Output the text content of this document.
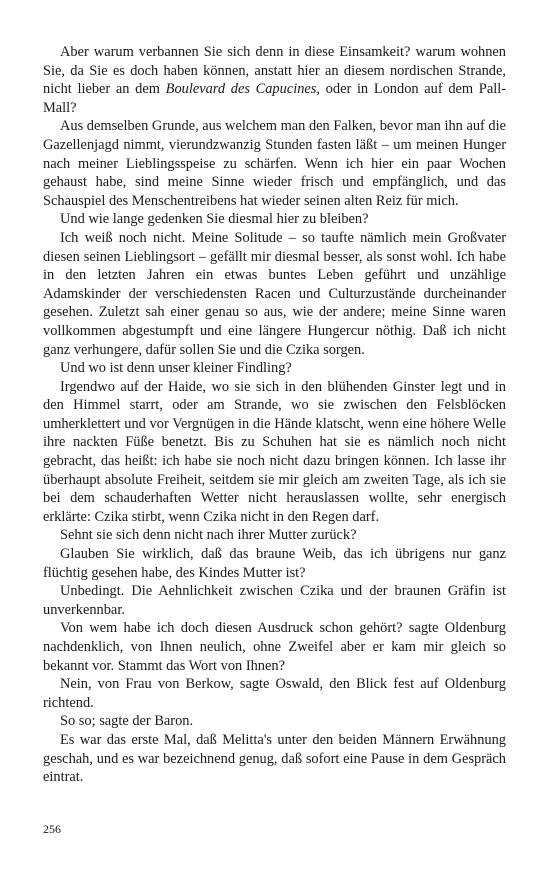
Aber warum verbannen Sie sich denn in diese Einsamkeit? warum wohnen Sie, da Sie es doch haben können, anstatt hier an diesem nordischen Strande, nicht lieber an dem Boulevard des Capucines, oder in London auf dem Pall-Mall?

Aus demselben Grunde, aus welchem man den Falken, bevor man ihn auf die Gazellenjagd nimmt, vierundzwanzig Stunden fasten läßt – um meinen Hunger nach meiner Lieblingsspeise zu schärfen. Wenn ich hier ein paar Wochen gehaust habe, sind meine Sinne wieder frisch und empfänglich, und das Schauspiel des Menschentreibens hat wieder seinen alten Reiz für mich.

Und wie lange gedenken Sie diesmal hier zu bleiben?

Ich weiß noch nicht. Meine Solitude – so taufte nämlich mein Großvater diesen seinen Lieblingsort – gefällt mir diesmal besser, als sonst wohl. Ich habe in den letzten Jahren ein etwas buntes Leben geführt und unzählige Adamskinder der verschiedensten Racen und Culturzustände durcheinander gesehen. Zuletzt sah einer genau so aus, wie der andere; meine Sinne waren vollkommen abgestumpft und eine längere Hungercur nöthig. Daß ich nicht ganz verhungere, dafür sollen Sie und die Czika sorgen.

Und wo ist denn unser kleiner Findling?

Irgendwo auf der Haide, wo sie sich in den blühenden Ginster legt und in den Himmel starrt, oder am Strande, wo sie zwischen den Felsblöcken umherklettert und vor Vergnügen in die Hände klatscht, wenn eine höhere Welle ihre nackten Füße benetzt. Bis zu Schuhen hat sie es nämlich noch nicht gebracht, das heißt: ich habe sie noch nicht dazu bringen können. Ich lasse ihr überhaupt absolute Freiheit, seitdem sie mir gleich am zweiten Tage, als ich sie bei dem schauderhaften Wetter nicht herauslassen wollte, sehr energisch erklärte: Czika stirbt, wenn Czika nicht in den Regen darf.

Sehnt sie sich denn nicht nach ihrer Mutter zurück?

Glauben Sie wirklich, daß das braune Weib, das ich übrigens nur ganz flüchtig gesehen habe, des Kindes Mutter ist?

Unbedingt. Die Aehnlichkeit zwischen Czika und der braunen Gräfin ist unverkennbar.

Von wem habe ich doch diesen Ausdruck schon gehört? sagte Oldenburg nachdenklich, von Ihnen neulich, ohne Zweifel aber er kam mir gleich so bekannt vor. Stammt das Wort von Ihnen?

Nein, von Frau von Berkow, sagte Oswald, den Blick fest auf Oldenburg richtend.

So so; sagte der Baron.

Es war das erste Mal, daß Melitta's unter den beiden Männern Erwähnung geschah, und es war bezeichnend genug, daß sofort eine Pause in dem Gespräch eintrat.

256
